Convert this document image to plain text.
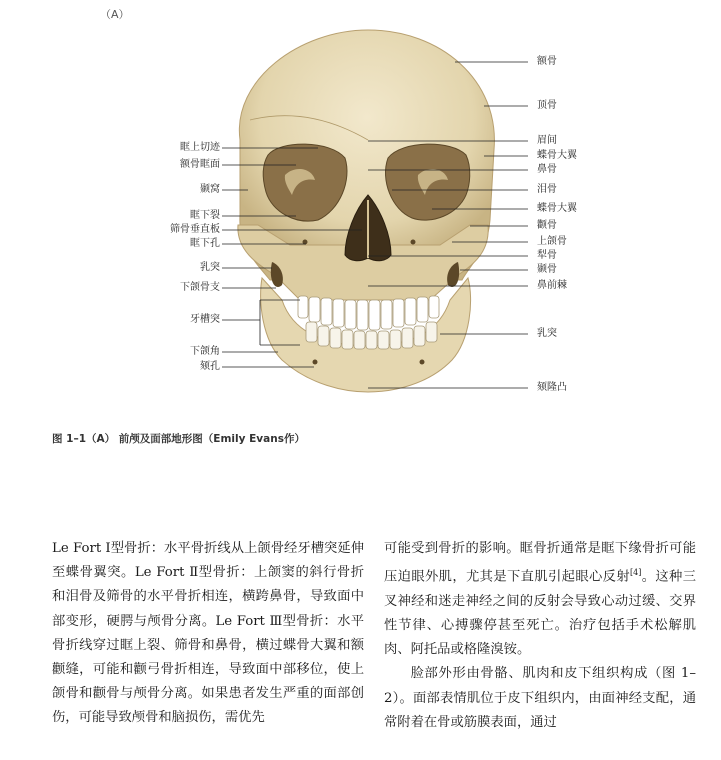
（A）
眶上切迹
额骨眶面
颞窝
眶下裂
筛骨垂直板
眶下孔
乳突
下颌骨支
牙槽突
下颌角
颏孔
额骨
顶骨
眉间
蝶骨大翼
鼻骨
泪骨
蝶骨大翼
颧骨
上颌骨
犁骨
颞骨
鼻前棘
乳突
颏隆凸
图 1–1（A） 前颅及面部地形图（Emily Evans作）

Le Fort Ⅰ型骨折：水平骨折线从上颌骨经牙槽突延伸至蝶骨翼突。Le Fort Ⅱ型骨折：上颌窦的斜行骨折和泪骨及筛骨的水平骨折相连，横跨鼻骨，导致面中部变形，硬腭与颅骨分离。Le Fort Ⅲ型骨折：水平骨折线穿过眶上裂、筛骨和鼻骨，横过蝶骨大翼和额颧缝，可能和颧弓骨折相连，导致面中部移位，使上颌骨和颧骨与颅骨分离。如果患者发生严重的面部创伤，可能导致颅骨和脑损伤，需优先

可能受到骨折的影响。眶骨折通常是眶下缘骨折可能压迫眼外肌，尤其是下直肌引起眼心反射[4]。这种三叉神经和迷走神经之间的反射会导致心动过缓、交界性节律、心搏骤停甚至死亡。治疗包括手术松解肌肉、阿托品或格隆溴铵。

脸部外形由骨骼、肌肉和皮下组织构成（图 1–2）。面部表情肌位于皮下组织内，由面神经支配，通常附着在骨或筋膜表面，通过
